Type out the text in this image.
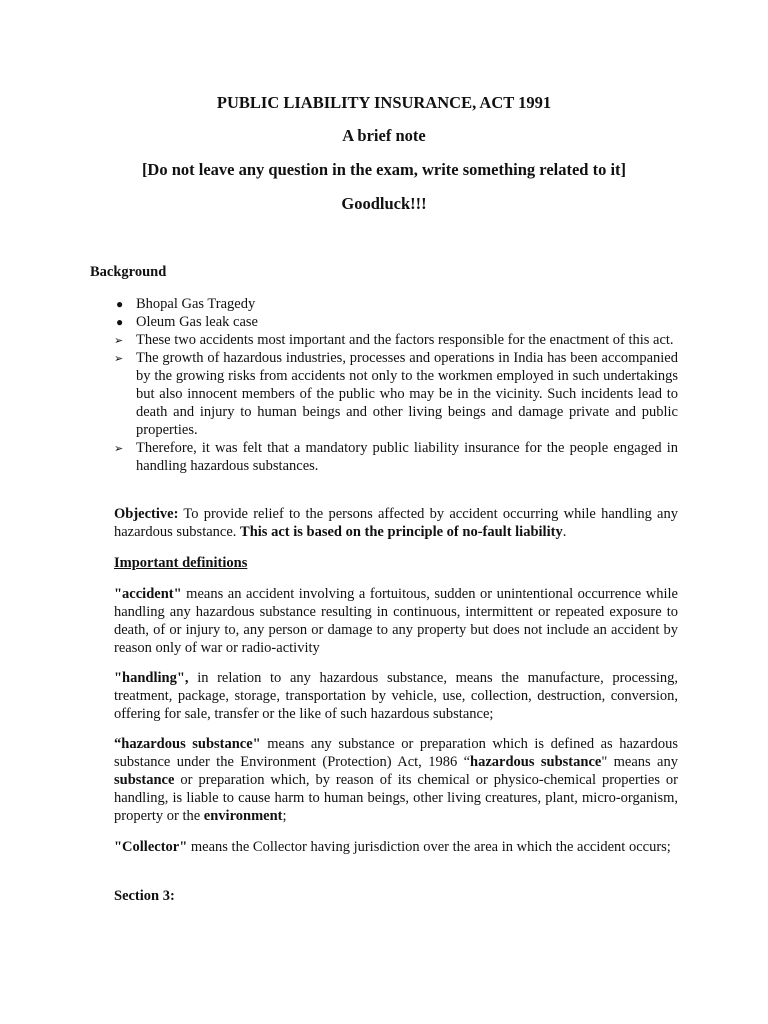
PUBLIC LIABILITY INSURANCE, ACT 1991
A brief note
[Do not leave any question in the exam, write something related to it]
Goodluck!!!
Background
● Bhopal Gas Tragedy
● Oleum Gas leak case
➢ These two accidents most important and the factors responsible for the enactment of this act.
➢ The growth of hazardous industries, processes and operations in India has been accompanied by the growing risks from accidents not only to the workmen employed in such undertakings but also innocent members of the public who may be in the vicinity. Such incidents lead to death and injury to human beings and other living beings and damage private and public properties.
➢ Therefore, it was felt that a mandatory public liability insurance for the people engaged in handling hazardous substances.
Objective: To provide relief to the persons affected by accident occurring while handling any hazardous substance. This act is based on the principle of no-fault liability.
Important definitions
"accident" means an accident involving a fortuitous, sudden or unintentional occurrence while handling any hazardous substance resulting in continuous, intermittent or repeated exposure to death, of or injury to, any person or damage to any property but does not include an accident by reason only of war or radio-activity
"handling", in relation to any hazardous substance, means the manufacture, processing, treatment, package, storage, transportation by vehicle, use, collection, destruction, conversion, offering for sale, transfer or the like of such hazardous substance;
“hazardous substance" means any substance or preparation which is defined as hazardous substance under the Environment (Protection) Act, 1986 “hazardous substance" means any substance or preparation which, by reason of its chemical or physico-chemical properties or handling, is liable to cause harm to human beings, other living creatures, plant, micro-organism, property or the environment;
"Collector" means the Collector having jurisdiction over the area in which the accident occurs;
Section 3:
